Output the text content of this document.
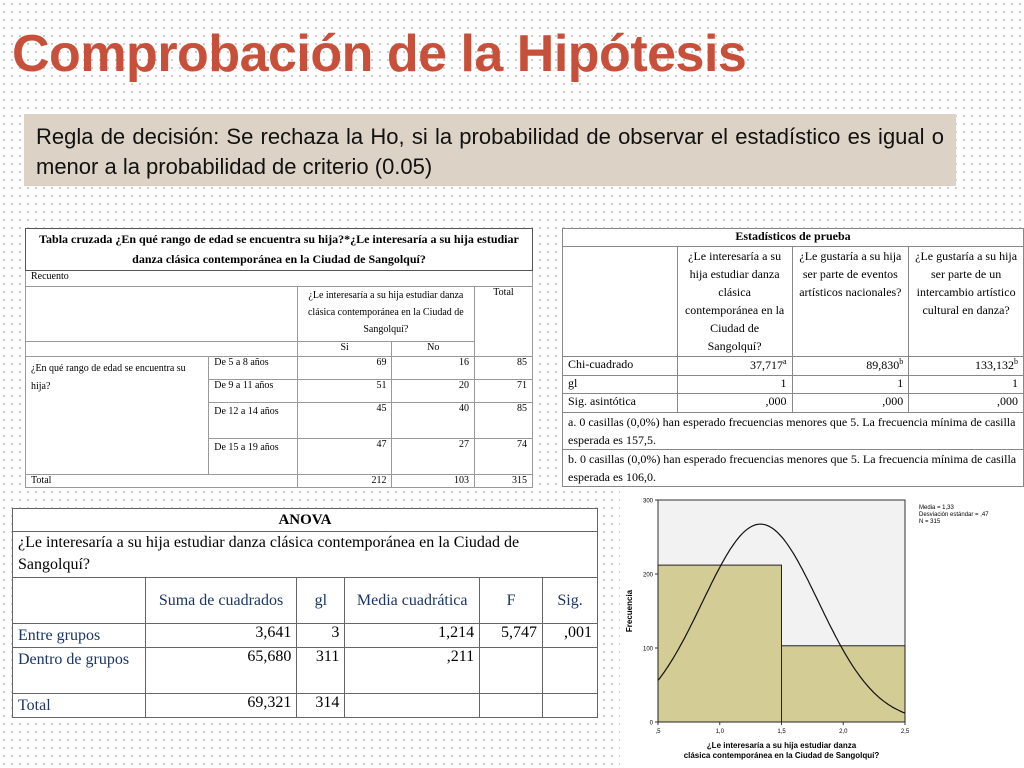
Comprobación de la Hipótesis
Regla de decisión: Se rechaza la Ho, si la probabilidad de observar el estadístico es igual o menor a la probabilidad de criterio (0.05)
Tabla cruzada ¿En qué rango de edad se encuentra su hija?*¿Le interesaría a su hija estudiar danza clásica contemporánea en la Ciudad de Sangolquí?				
Recuento				
		¿Le interesaría a su hija estudiar danza clásica contemporánea en la Ciudad de Sangolquí?		Total
		Si	No	
¿En qué rango de edad se encuentra su hija?	De 5 a 8 años	69	16	85
	De 9 a 11 años	51	20	71
	De 12 a 14 años	45	40	85
	De 15 a 19 años	47	27	74
Total		212	103	315
Estadísticos de prueba			
	¿Le interesaría a su hija estudiar danza clásica contemporánea en la Ciudad de Sangolquí?	¿Le gustaría a su hija ser parte de eventos artísticos nacionales?	¿Le gustaría a su hija ser parte de un intercambio artístico cultural en danza?
Chi-cuadrado	37,717$^a$	89,830$^b$	133,132$^b$
gl	1	1	1
Sig. asintótica	,000	,000	,000
a. 0 casillas (0,0%) han esperado frecuencias menores que 5. La frecuencia mínima de casilla esperada es 157,5.			
b. 0 casillas (0,0%) han esperado frecuencias menores que 5. La frecuencia mínima de casilla esperada es 106,0.			
ANOVA					
¿Le interesaría a su hija estudiar danza clásica contemporánea en la Ciudad de Sangolquí?					
	Suma de cuadrados	gl	Media cuadrática	F	Sig.
Entre grupos	3,641	3	1,214	5,747	,001
Dentro de grupos	65,680	311	,211		
Total	69,321	314			
0
100
200
300
,5	1,0	1,5	2,0	2,5
Frecuencia
¿Le interesaría a su hija estudiar danza
clásica contemporánea en la Ciudad de Sangolquí?
Media = 1,33
Desviación estándar = ,47
N = 315
